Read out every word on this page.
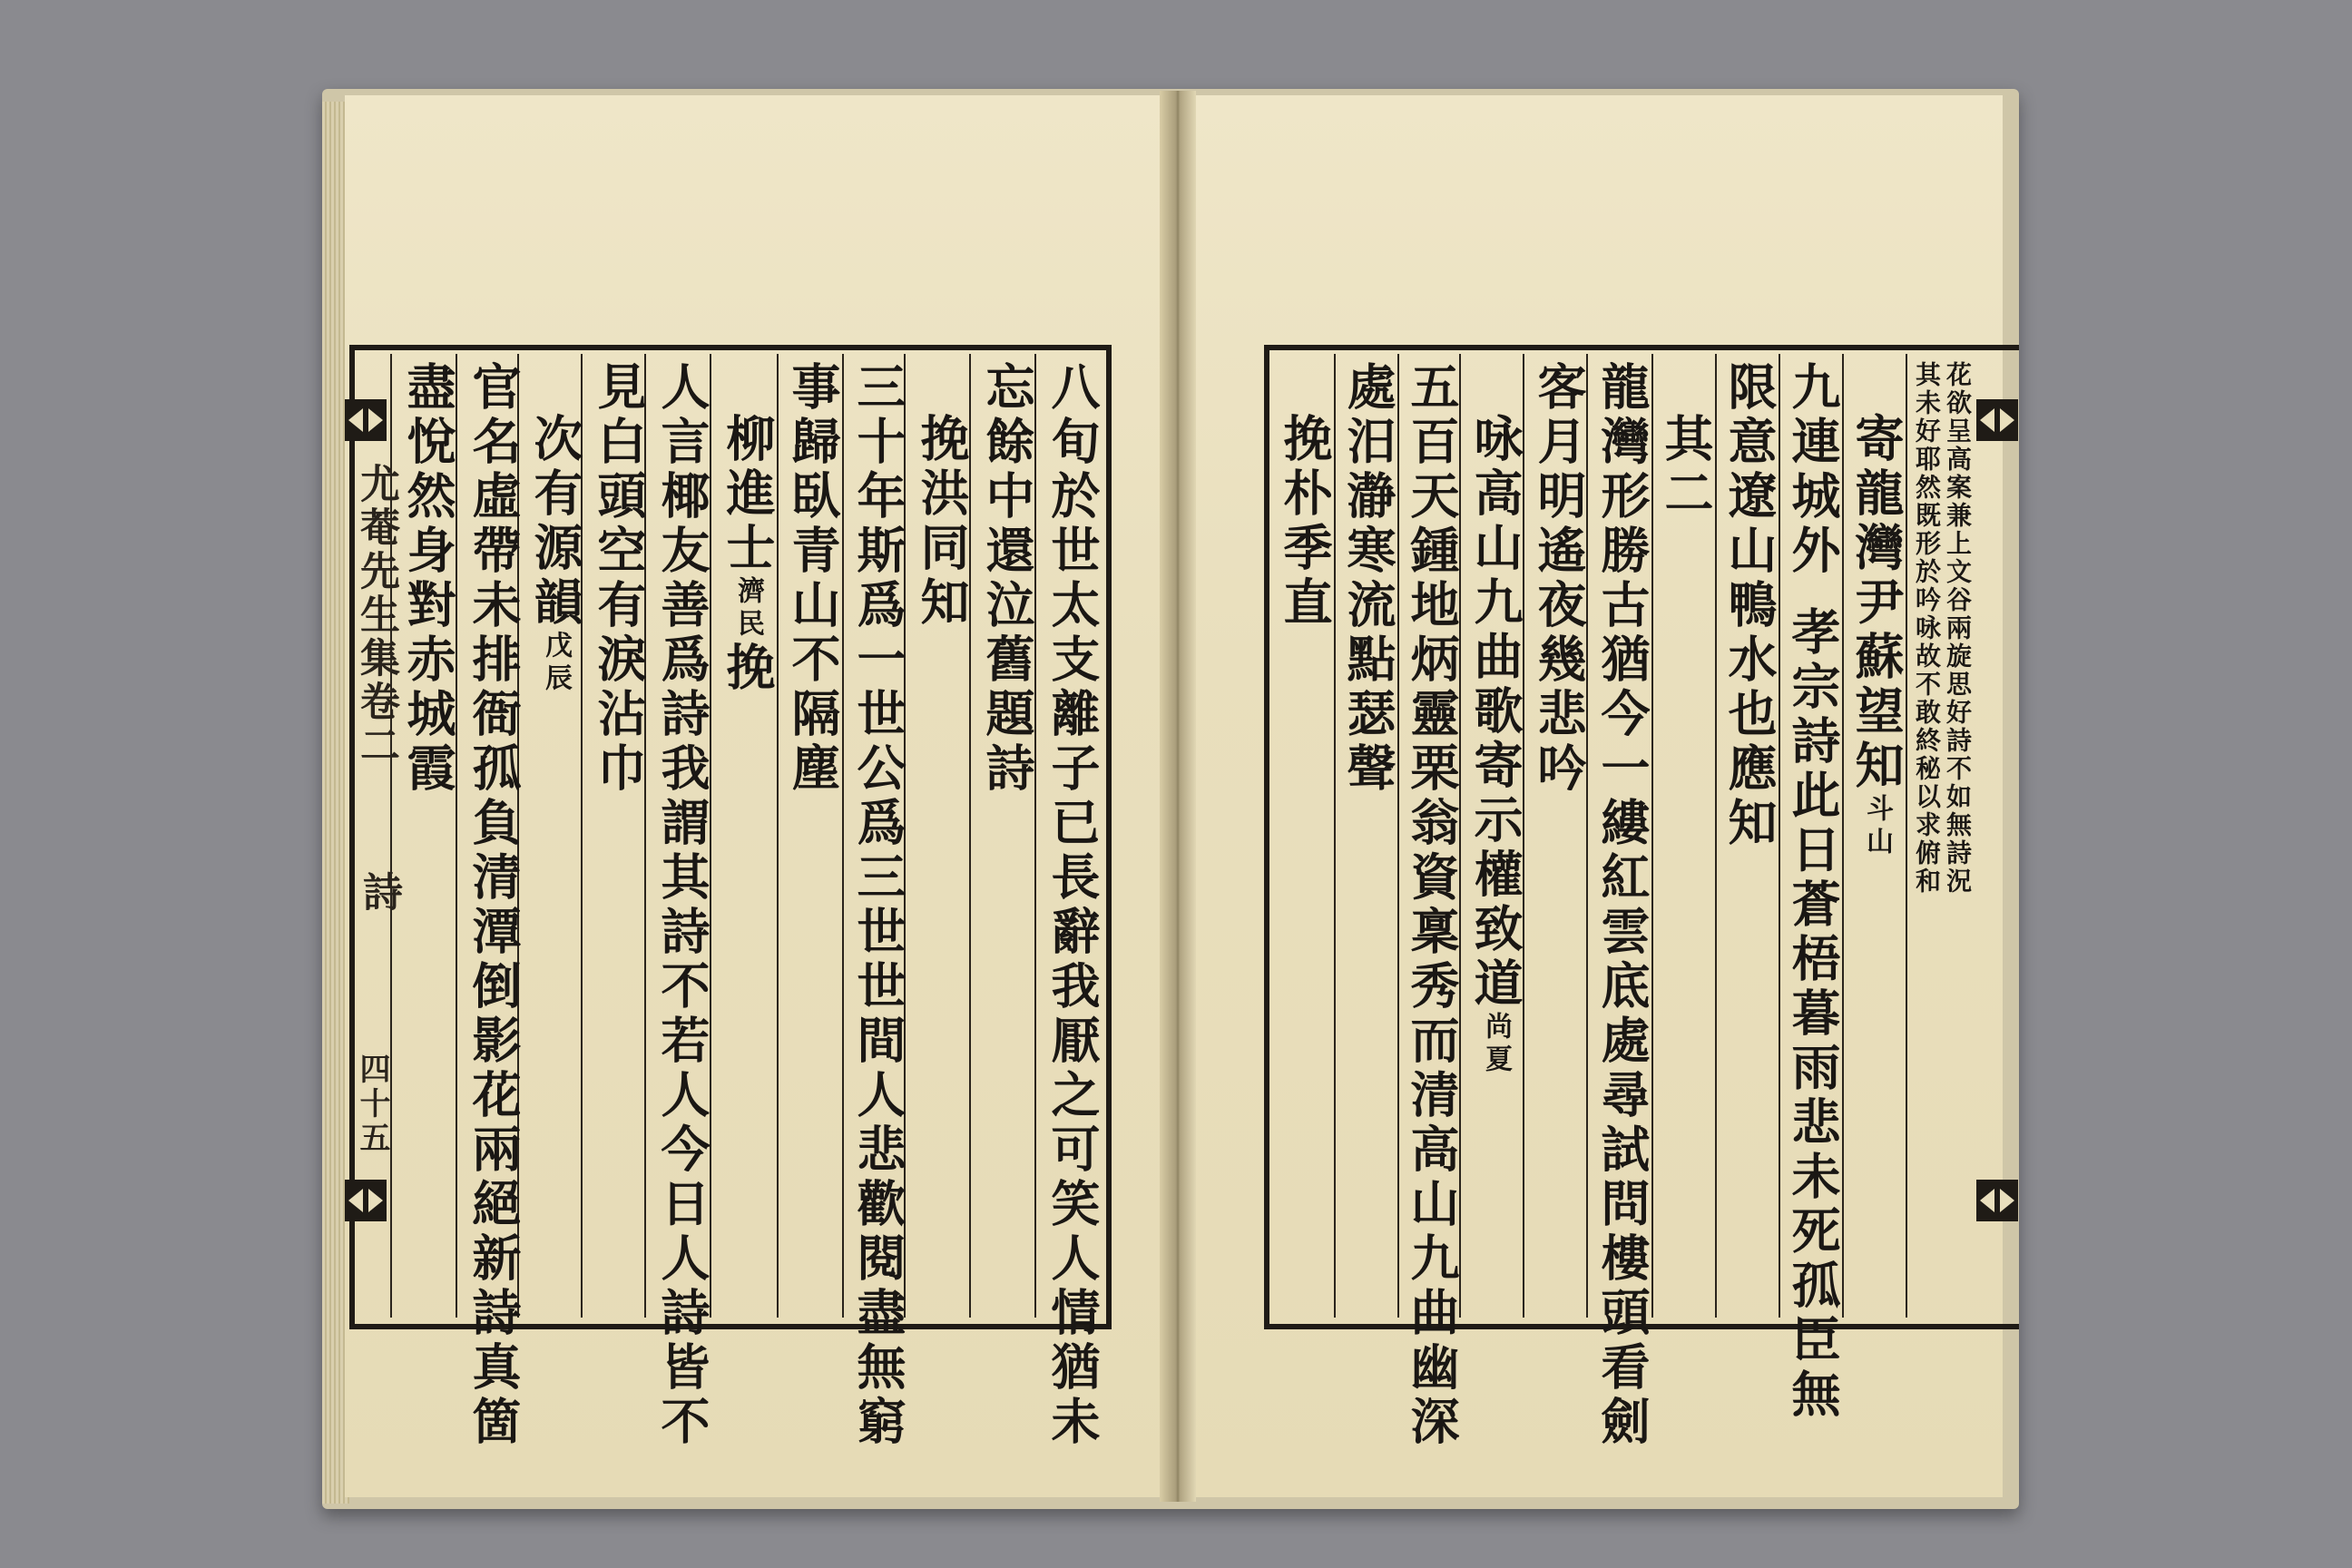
尤菴先生集卷二
詩
四十五	八旬於世太支離子已長辭我厭之可笑人情猶未
忘餘中還泣舊題詩
挽洪同知
三十年斯爲一世公爲三世世間人悲歡閱盡無窮
事歸臥青山不隔塵
柳進士濟民挽
人言椰友善爲詩我謂其詩不若人今日人詩皆不
見白頭空有淚沾巾
次有源韻戊辰
官名虛帶未排衙孤負清潭倒影花兩絕新詩真箇
盡悅然身對赤城霞	花欲呈高案兼上文谷兩旋思好詩不如無詩況
其未好耶然既形於吟咏故不敢終秘以求俯和
寄龍灣尹蘇望知斗山
九連城外孝宗詩此日蒼梧暮雨悲未死孤臣無
限意遼山鴨水也應知
其二
龍灣形勝古猶今一縷紅雲底處尋試問樓頭看劍
客月明遙夜幾悲吟
咏高山九曲歌寄示權致道尚夏
五百天鍾地炳靈栗翁資稟秀而清高山九曲幽深
處汨瀞寒流點瑟聲
挽朴季直
